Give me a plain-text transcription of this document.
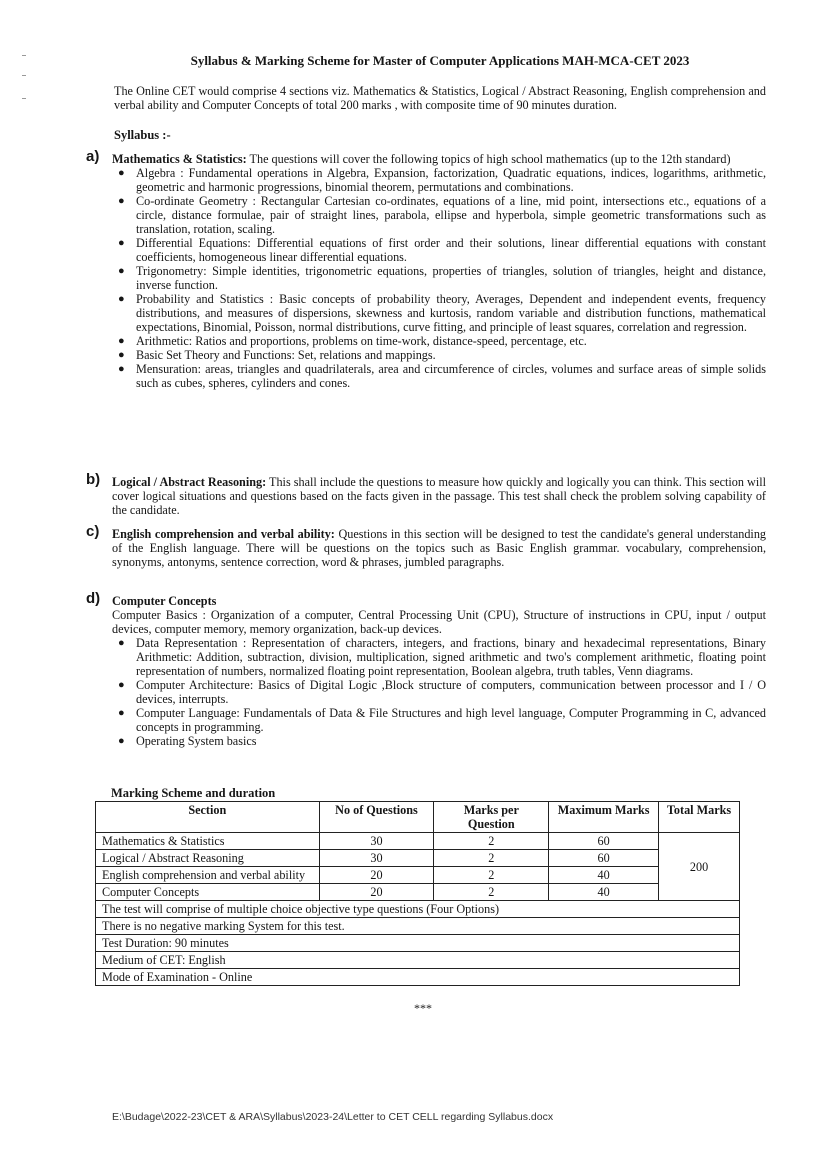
Syllabus & Marking Scheme for Master of Computer Applications MAH-MCA-CET 2023
The Online CET would comprise 4 sections viz. Mathematics & Statistics, Logical / Abstract Reasoning, English comprehension and verbal ability and Computer Concepts of total 200 marks , with composite time of 90 minutes duration.
Syllabus :-
a) Mathematics & Statistics: The questions will cover the following topics of high school mathematics (up to the 12th standard)
● Algebra : Fundamental operations in Algebra, Expansion, factorization, Quadratic equations, indices, logarithms, arithmetic, geometric and harmonic progressions, binomial theorem, permutations and combinations.
● Co-ordinate Geometry : Rectangular Cartesian co-ordinates, equations of a line, mid point, intersections etc., equations of a circle, distance formulae, pair of straight lines, parabola, ellipse and hyperbola, simple geometric transformations such as translation, rotation, scaling.
● Differential Equations: Differential equations of first order and their solutions, linear differential equations with constant coefficients, homogeneous linear differential equations.
● Trigonometry: Simple identities, trigonometric equations, properties of triangles, solution of triangles, height and distance, inverse function.
● Probability and Statistics : Basic concepts of probability theory, Averages, Dependent and independent events, frequency distributions, and measures of dispersions, skewness and kurtosis, random variable and distribution functions, mathematical expectations, Binomial, Poisson, normal distributions, curve fitting, and principle of least squares, correlation and regression.
● Arithmetic: Ratios and proportions, problems on time-work, distance-speed, percentage, etc.
● Basic Set Theory and Functions: Set, relations and mappings.
● Mensuration: areas, triangles and quadrilaterals, area and circumference of circles, volumes and surface areas of simple solids such as cubes, spheres, cylinders and cones.
b) Logical / Abstract Reasoning: This shall include the questions to measure how quickly and logically you can think. This section will cover logical situations and questions based on the facts given in the passage. This test shall check the problem solving capability of the candidate.
c) English comprehension and verbal ability: Questions in this section will be designed to test the candidate's general understanding of the English language. There will be questions on the topics such as Basic English grammar. vocabulary, comprehension, synonyms, antonyms, sentence correction, word & phrases, jumbled paragraphs.
d) Computer Concepts
Computer Basics : Organization of a computer, Central Processing Unit (CPU), Structure of instructions in CPU, input / output devices, computer memory, memory organization, back-up devices.
● Data Representation : Representation of characters, integers, and fractions, binary and hexadecimal representations, Binary Arithmetic: Addition, subtraction, division, multiplication, signed arithmetic and two's complement arithmetic, floating point representation of numbers, normalized floating point representation, Boolean algebra, truth tables, Venn diagrams.
● Computer Architecture: Basics of Digital Logic ,Block structure of computers, communication between processor and I / O devices, interrupts.
● Computer Language: Fundamentals of Data & File Structures and high level language, Computer Programming in C, advanced concepts in programming.
● Operating System basics
Marking Scheme and duration
Section	No of Questions	Marks per Question	Maximum Marks	Total Marks
Mathematics & Statistics	30	2	60	200
Logical / Abstract Reasoning	30	2	60	
English comprehension and verbal ability	20	2	40	
Computer Concepts	20	2	40	
The test will comprise of multiple choice objective type questions (Four Options)				
There is no negative marking System for this test.				
Test Duration: 90 minutes				
Medium of CET: English				
Mode of Examination - Online				
***
E:\Budage\2022-23\CET & ARA\Syllabus\2023-24\Letter to CET CELL regarding Syllabus.docx
